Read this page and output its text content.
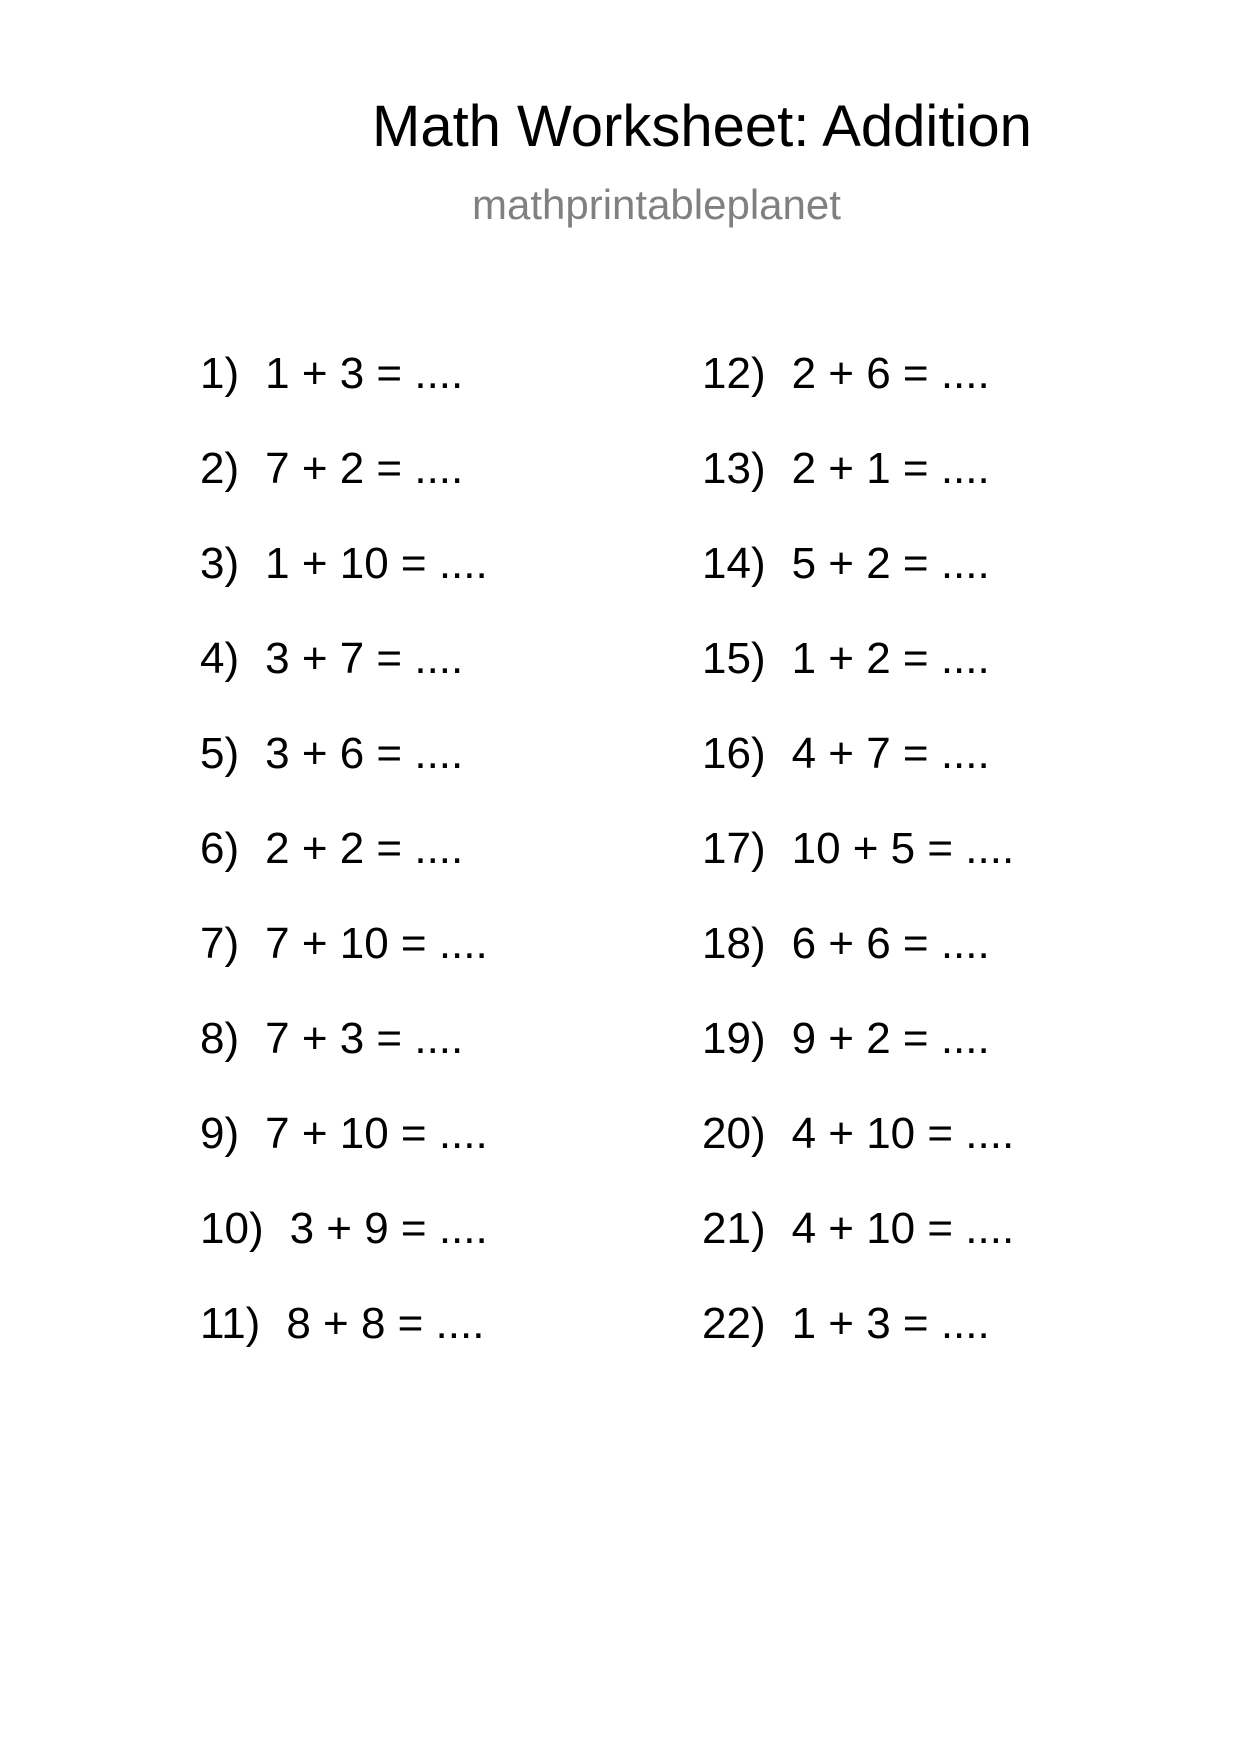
Math Worksheet: Addition
mathprintableplanet
1) 1 + 3 = ....
2) 7 + 2 = ....
3) 1 + 10 = ....
4) 3 + 7 = ....
5) 3 + 6 = ....
6) 2 + 2 = ....
7) 7 + 10 = ....
8) 7 + 3 = ....
9) 7 + 10 = ....
10) 3 + 9 = ....
11) 8 + 8 = ....
12) 2 + 6 = ....
13) 2 + 1 = ....
14) 5 + 2 = ....
15) 1 + 2 = ....
16) 4 + 7 = ....
17) 10 + 5 = ....
18) 6 + 6 = ....
19) 9 + 2 = ....
20) 4 + 10 = ....
21) 4 + 10 = ....
22) 1 + 3 = ....
